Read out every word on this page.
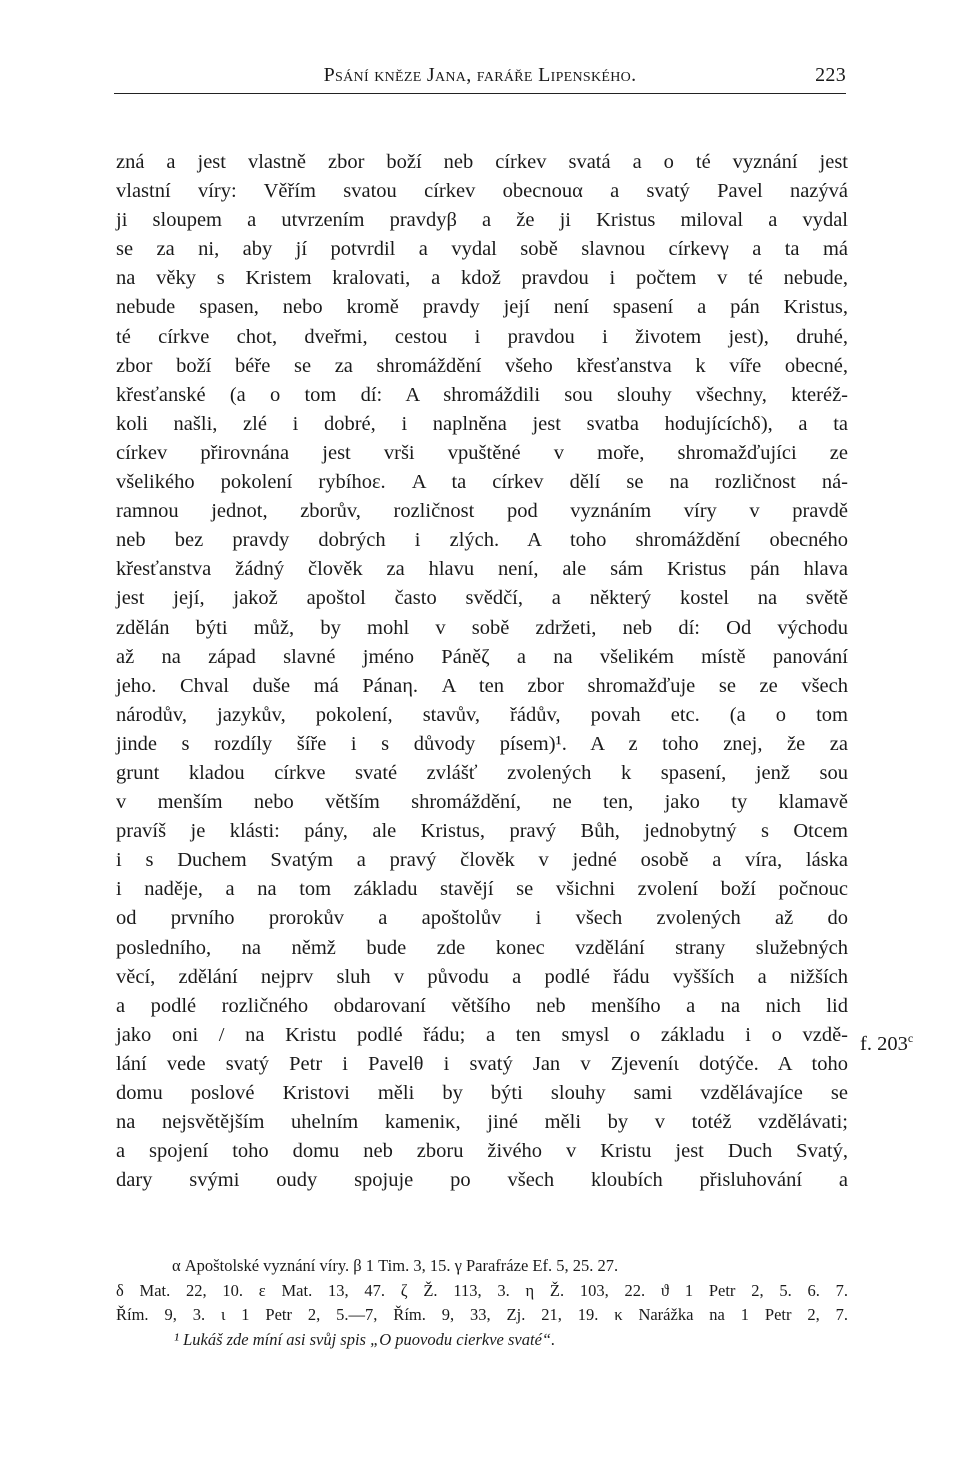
Psání kněze Jana, faráře Lipenského.	223
zná a jest vlastně zbor boží neb církev svatá a o té vyznání jest
vlastní víry: Věřím svatou církev obecnouα a svatý Pavel nazývá
ji sloupem a utvrzením pravdyβ a že ji Kristus miloval a vydal
se za ni, aby jí potvrdil a vydal sobě slavnou církevγ a ta má
na věky s Kristem kralovati, a kdož pravdou i počtem v té nebude,
nebude spasen, nebo kromě pravdy její není spasení a pán Kristus,
té církve chot, dveřmi, cestou i pravdou i životem jest), druhé,
zbor boží béře se za shromáždění všeho křesťanstva k víře obecné,
křesťanské (a o tom dí: A shromáždili sou slouhy všechny, kteréž-
koli našli, zlé i dobré, i naplněna jest svatba hodujícíchδ), a ta
církev přirovnána jest vrši vpuštěné v moře, shromažďujíci ze
všelikého pokolení rybíhoε. A ta církev dělí se na rozličnost ná-
ramnou jednot, zborův, rozličnost pod vyznáním víry v pravdě
neb bez pravdy dobrých i zlých. A toho shromáždění obecného
křesťanstva žádný člověk za hlavu není, ale sám Kristus pán hlava
jest její, jakož apoštol často svědčí, a některý kostel na světě
zdělán býti můž, by mohl v sobě zdržeti, neb dí: Od východu
až na západ slavné jméno Páněζ a na všelikém místě panování
jeho. Chval duše má Pánaη. A ten zbor shromažďuje se ze všech
národův, jazykův, pokolení, stavův, řádův, povah etc. (a o tom
jinde s rozdíly šíře i s důvody písem)¹. A z toho znej, že za
grunt kladou církve svaté zvlášť zvolených k spasení, jenž sou
v menším nebo větším shromáždění, ne ten, jako ty klamavě
pravíš je klásti: pány, ale Kristus, pravý Bůh, jednobytný s Otcem
i s Duchem Svatým a pravý člověk v jedné osobě a víra, láska
i naděje, a na tom základu stavějí se všichni zvolení boží počnouc
od prvního prorokův a apoštolův i všech zvolených až do
posledního, na němž bude zde konec vzdělání strany služebných
věcí, zdělání nejprv sluh v původu a podlé řádu vyšších a nižších
a podlé rozličného obdarovaní většího neb menšího a na nich lid
jako oni / na Kristu podlé řádu; a ten smysl o základu i o vzdě-
lání vede svatý Petr i Pavelθ i svatý Jan v Zjeveníι dotýče. A toho
domu poslové Kristovi měli by býti slouhy sami vzdělávajíce se
na nejsvětějším uhelním kameniκ, jiné měli by v totéž vzdělávati;
a spojení toho domu neb zboru živého v Kristu jest Duch Svatý,
dary svými oudy spojuje po všech kloubích přisluhování a
f. 203$^c$
α Apoštolské vyznání víry. β 1 Tim. 3, 15. γ Parafráze Ef. 5, 25. 27.
δ Mat. 22, 10. ε Mat. 13, 47. ζ Ž. 113, 3. η Ž. 103, 22. ϑ 1 Petr 2, 5. 6. 7.
Řím. 9, 3. ι 1 Petr 2, 5.—7, Řím. 9, 33, Zj. 21, 19. κ Narážka na 1 Petr 2, 7.
¹ Lukáš zde míní asi svůj spis „O puovodu cierkve svaté“.
